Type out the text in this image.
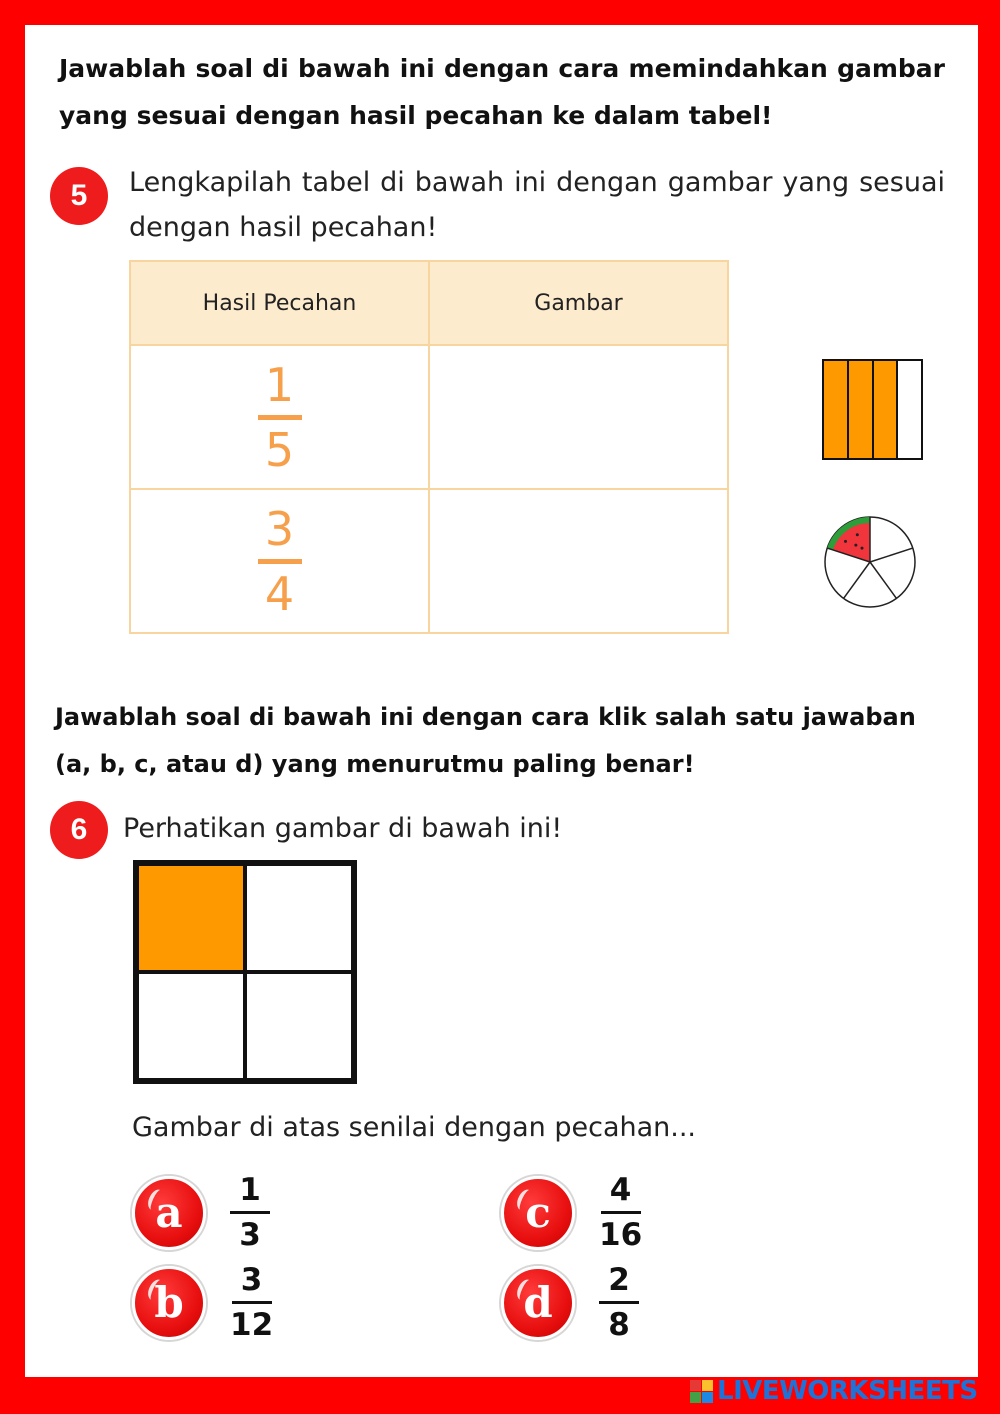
Jawablah soal di bawah ini dengan cara memindahkan gambar yang sesuai dengan hasil pecahan ke dalam tabel!
5	Lengkapilah tabel di bawah ini dengan gambar yang sesuai dengan hasil pecahan!
Hasil Pecahan	Gambar

1
5	

3
4	

Jawablah soal di bawah ini dengan cara klik salah satu jawaban (a, b, c, atau d) yang menurutmu paling benar!
6	Perhatikan gambar di bawah ini!
Gambar di atas senilai dengan pecahan...
a	1
3
b	3
12
c	4
16
d	2
8
LIVEWORKSHEETS
